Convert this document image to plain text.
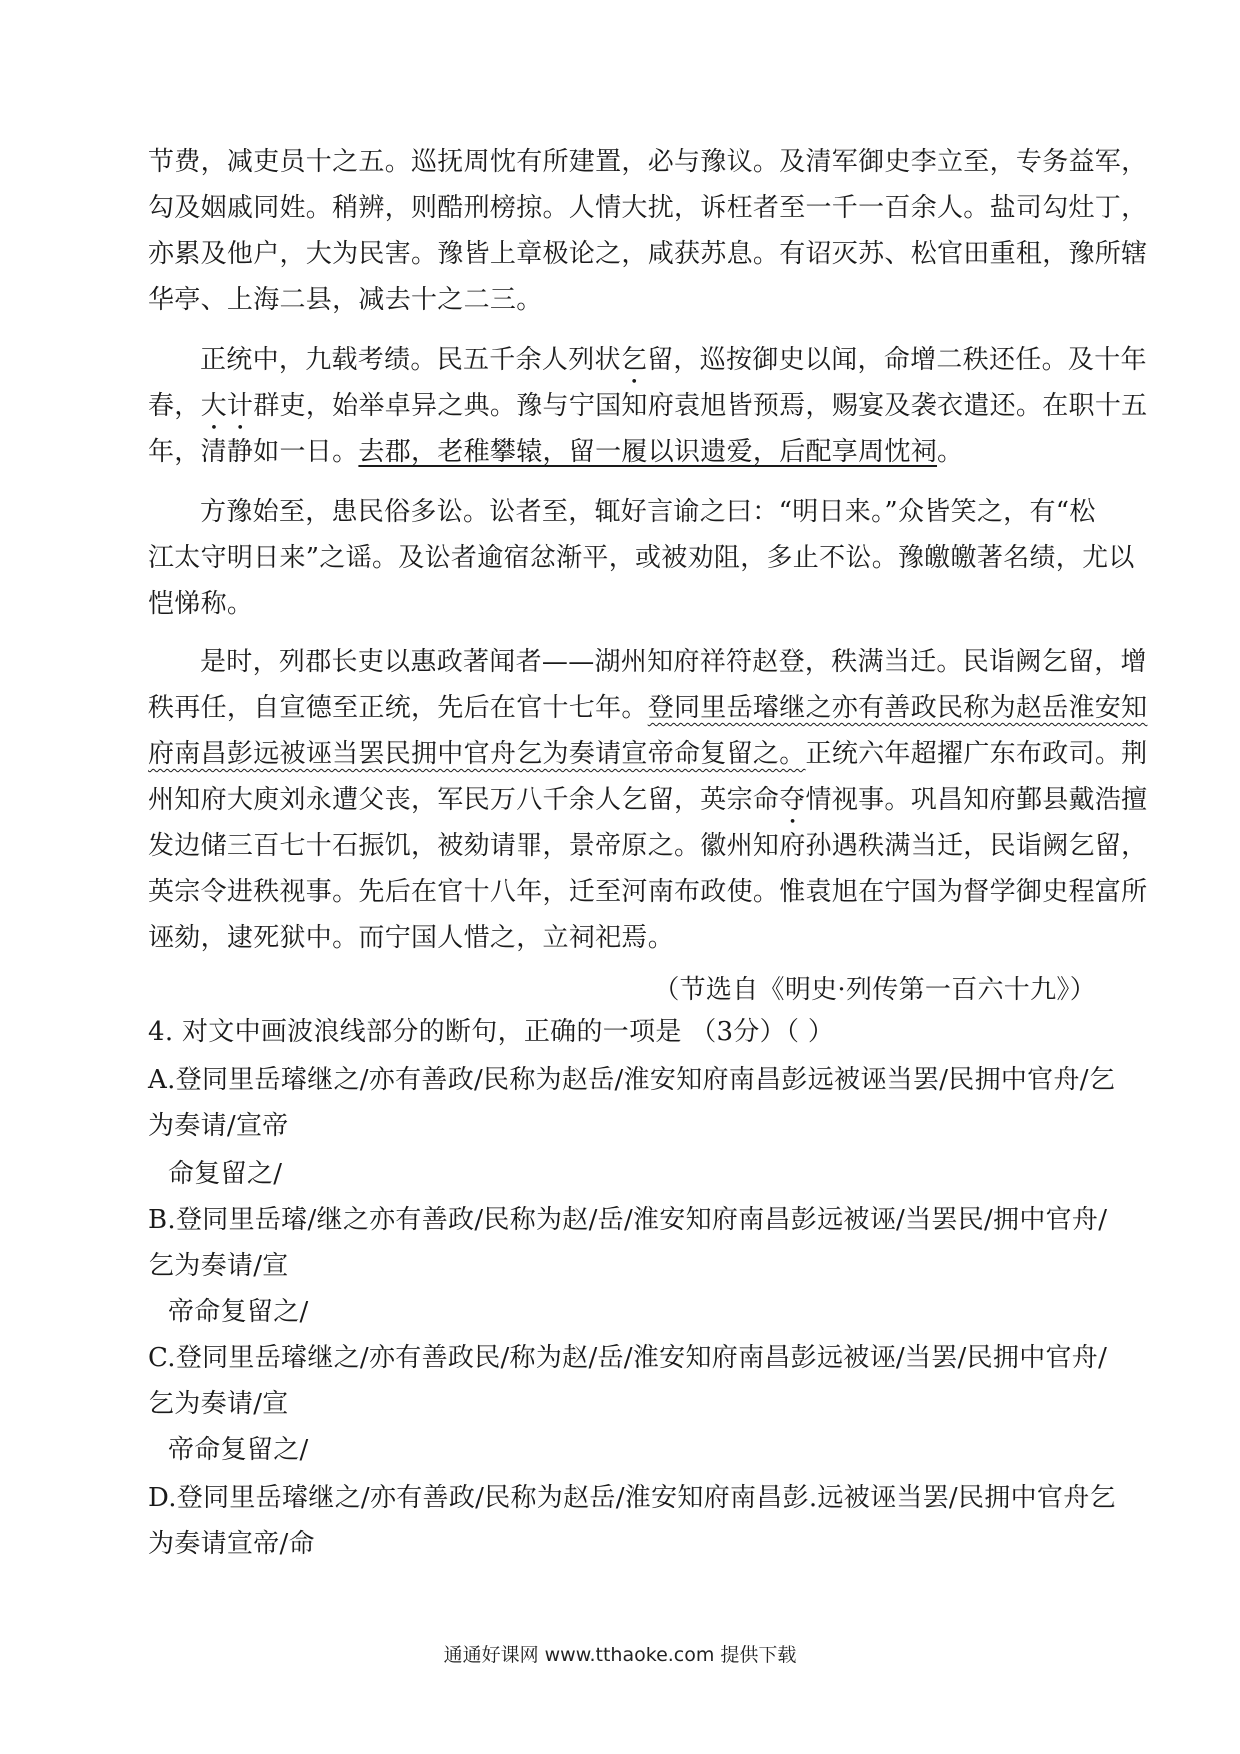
节费，减吏员十之五。巡抚周忱有所建置，必与豫议。及清军御史李立至，专务益军，
勾及姻戚同姓。稍辨，则酷刑榜掠。人情大扰，诉枉者至一千一百余人。盐司勾灶丁，
亦累及他户，大为民害。豫皆上章极论之，咸获苏息。有诏灭苏、松官田重租，豫所辖
华亭、上海二县，减去十之二三。
正统中，九载考绩。民五千余人列状乞留，巡按御史以闻，命增二秩还任。及十年
春，大计群吏，始举卓异之典。豫与宁国知府袁旭皆预焉，赐宴及袭衣遣还。在职十五
年，清静如一日。去郡，老稚攀辕，留一履以识遗爱，后配享周忱祠。
方豫始至，患民俗多讼。讼者至，辄好言谕之曰：“明日来。”众皆笑之，有“松
江太守明日来”之谣。及讼者逾宿忿渐平，或被劝阻，多止不讼。豫皦皦著名绩，尤以
恺悌称。
是时，列郡长吏以惠政著闻者——湖州知府祥符赵登，秩满当迁。民诣阙乞留，增
秩再任，自宣德至正统，先后在官十七年。登同里岳璿继之亦有善政民称为赵岳淮安知
府南昌彭远被诬当罢民拥中官舟乞为奏请宣帝命复留之。正统六年超擢广东布政司。荆
州知府大庾刘永遭父丧，军民万八千余人乞留，英宗命夺情视事。巩昌知府鄞县戴浩擅
发边储三百七十石振饥，被劾请罪，景帝原之。徽州知府孙遇秩满当迁，民诣阙乞留，
英宗令进秩视事。先后在官十八年，迁至河南布政使。惟袁旭在宁国为督学御史程富所
诬劾，逮死狱中。而宁国人惜之，立祠祀焉。
（节选自《明史·列传第一百六十九》）
4. 对文中画波浪线部分的断句，正确的一项是 （3分）（ ）
A.登同里岳璿继之/亦有善政/民称为赵岳/淮安知府南昌彭远被诬当罢/民拥中官舟/乞
为奏请/宣帝
命复留之/
B.登同里岳璿/继之亦有善政/民称为赵/岳/淮安知府南昌彭远被诬/当罢民/拥中官舟/
乞为奏请/宣
帝命复留之/
C.登同里岳璿继之/亦有善政民/称为赵/岳/淮安知府南昌彭远被诬/当罢/民拥中官舟/
乞为奏请/宣
帝命复留之/
D.登同里岳璿继之/亦有善政/民称为赵岳/淮安知府南昌彭.远被诬当罢/民拥中官舟乞
为奏请宣帝/命
通通好课网 www.tthaoke.com 提供下载
